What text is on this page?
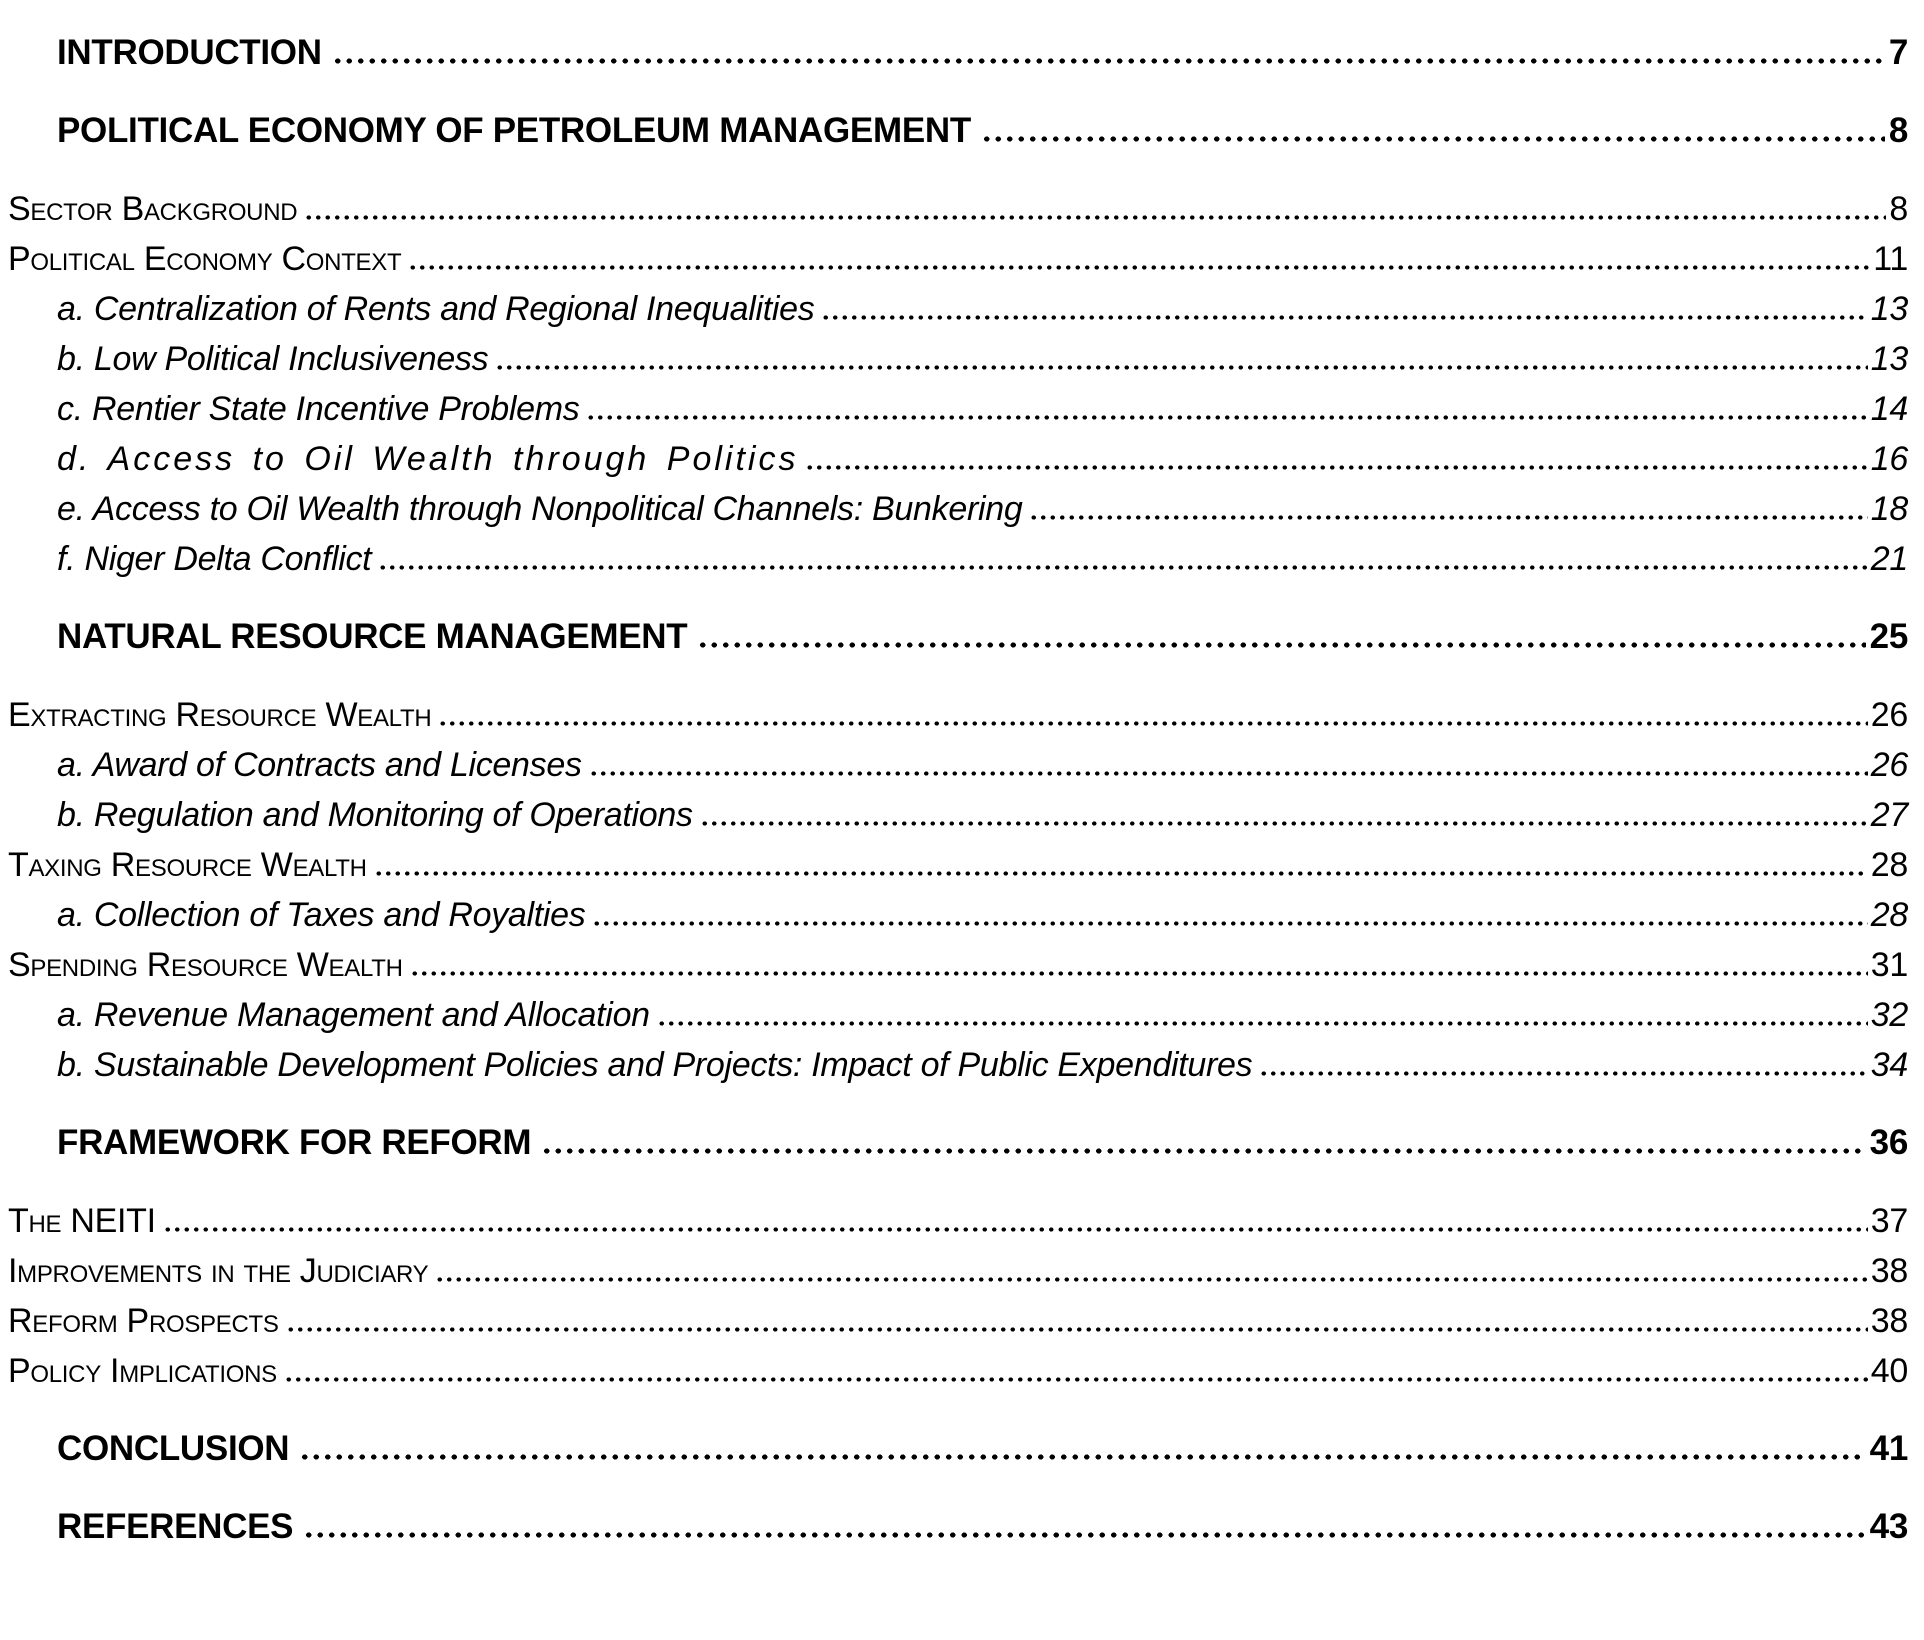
INTRODUCTION	7
POLITICAL ECONOMY OF PETROLEUM MANAGEMENT	8
Sector Background	8
Political Economy Context	11
a. Centralization of Rents and Regional Inequalities	13
b. Low Political Inclusiveness	13
c. Rentier State Incentive Problems	14
d. Access to Oil Wealth through Politics	16
e. Access to Oil Wealth through Nonpolitical Channels: Bunkering	18
f. Niger Delta Conflict	21
NATURAL RESOURCE MANAGEMENT	25
Extracting Resource Wealth	26
a. Award of Contracts and Licenses	26
b. Regulation and Monitoring of Operations	27
Taxing Resource Wealth	28
a. Collection of Taxes and Royalties	28
Spending Resource Wealth	31
a. Revenue Management and Allocation	32
b. Sustainable Development Policies and Projects: Impact of Public Expenditures	34
FRAMEWORK FOR REFORM	36
The NEITI	37
Improvements in the Judiciary	38
Reform Prospects	38
Policy Implications	40
CONCLUSION	41
REFERENCES	43
